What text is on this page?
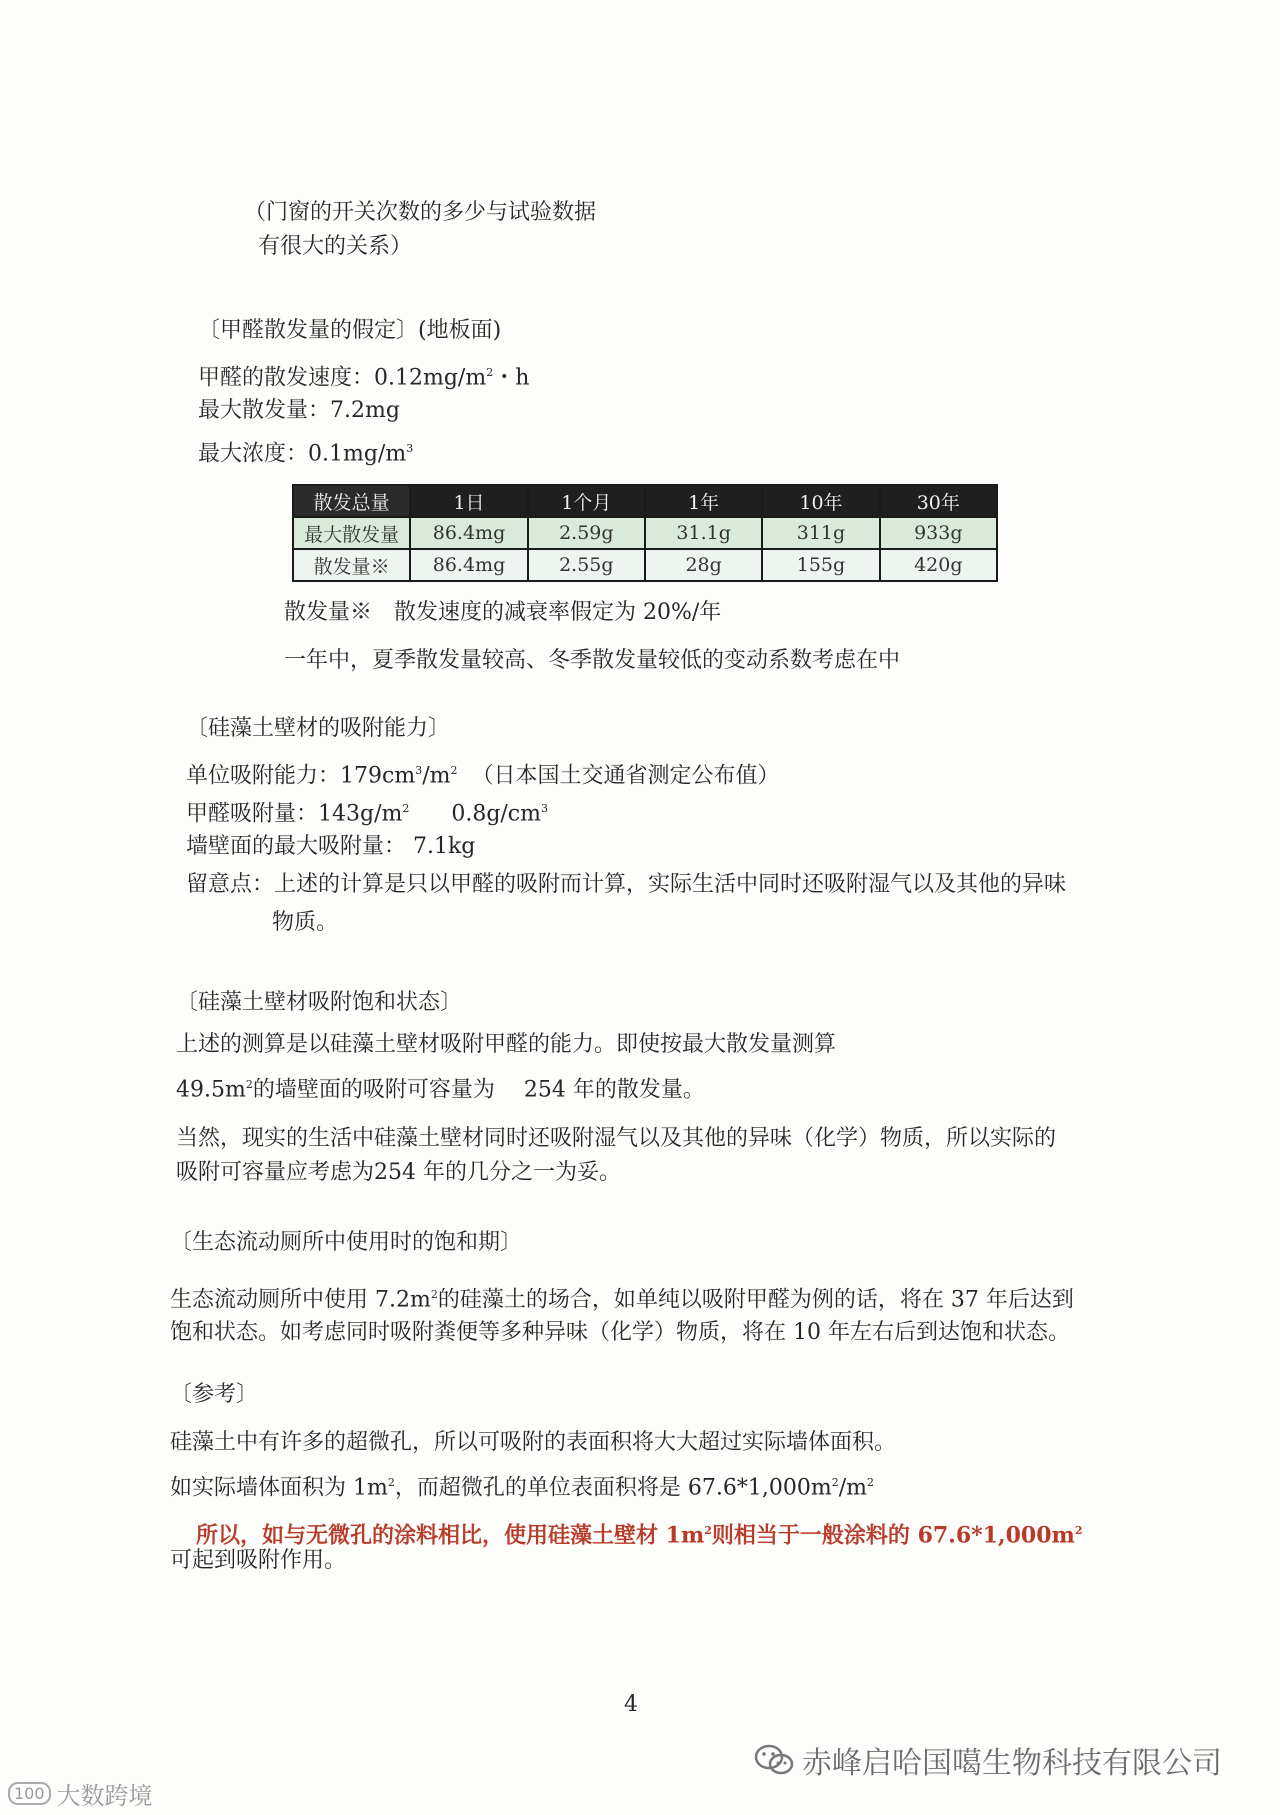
（门窗的开关次数的多少与试验数据
有很大的关系）
〔甲醛散发量的假定〕(地板面)
甲醛的散发速度：$0.12mg/m^2$・h
最大散发量：7.2mg
最大浓度：$0.1mg/m^3$
散发总量	1日	1个月	1年	10年	30年
最大散发量	86.4mg	2.59g	31.1g	311g	933g
散发量※	86.4mg	2.55g	28g	155g	420g
散发量※　散发速度的减衰率假定为 20%/年
一年中，夏季散发量较高、冬季散发量较低的变动系数考虑在中
〔硅藻土壁材的吸附能力〕
单位吸附能力：$179cm^3/m^2$ （日本国土交通省测定公布值）
甲醛吸附量：$143g/m^2$ $0.8g/cm^3$
墙壁面的最大吸附量： 7.1kg
留意点：上述的计算是只以甲醛的吸附而计算，实际生活中同时还吸附湿气以及其他的异味
物质。
〔硅藻土壁材吸附饱和状态〕
上述的测算是以硅藻土壁材吸附甲醛的能力。即使按最大散发量测算
$49.5m^2$的墙壁面的吸附可容量为　 254 年的散发量。
当然，现实的生活中硅藻土壁材同时还吸附湿气以及其他的异味（化学）物质，所以实际的
吸附可容量应考虑为254 年的几分之一为妥。
〔生态流动厕所中使用时的饱和期〕
生态流动厕所中使用 $7.2m^2$的硅藻土的场合，如单纯以吸附甲醛为例的话，将在 37 年后达到
饱和状态。如考虑同时吸附粪便等多种异味（化学）物质，将在 10 年左右后到达饱和状态。
〔参考〕
硅藻土中有许多的超微孔，所以可吸附的表面积将大大超过实际墙体面积。
如实际墙体面积为 $1m^2$，而超微孔的单位表面积将是 $67.6*1,000m^2/m^2$
所以，如与无微孔的涂料相比，使用硅藻土壁材 $1m^2$则相当于一般涂料的 $67.6*1,000m^2$
可起到吸附作用。
4
赤峰启哈国噶生物科技有限公司
100 大数跨境
